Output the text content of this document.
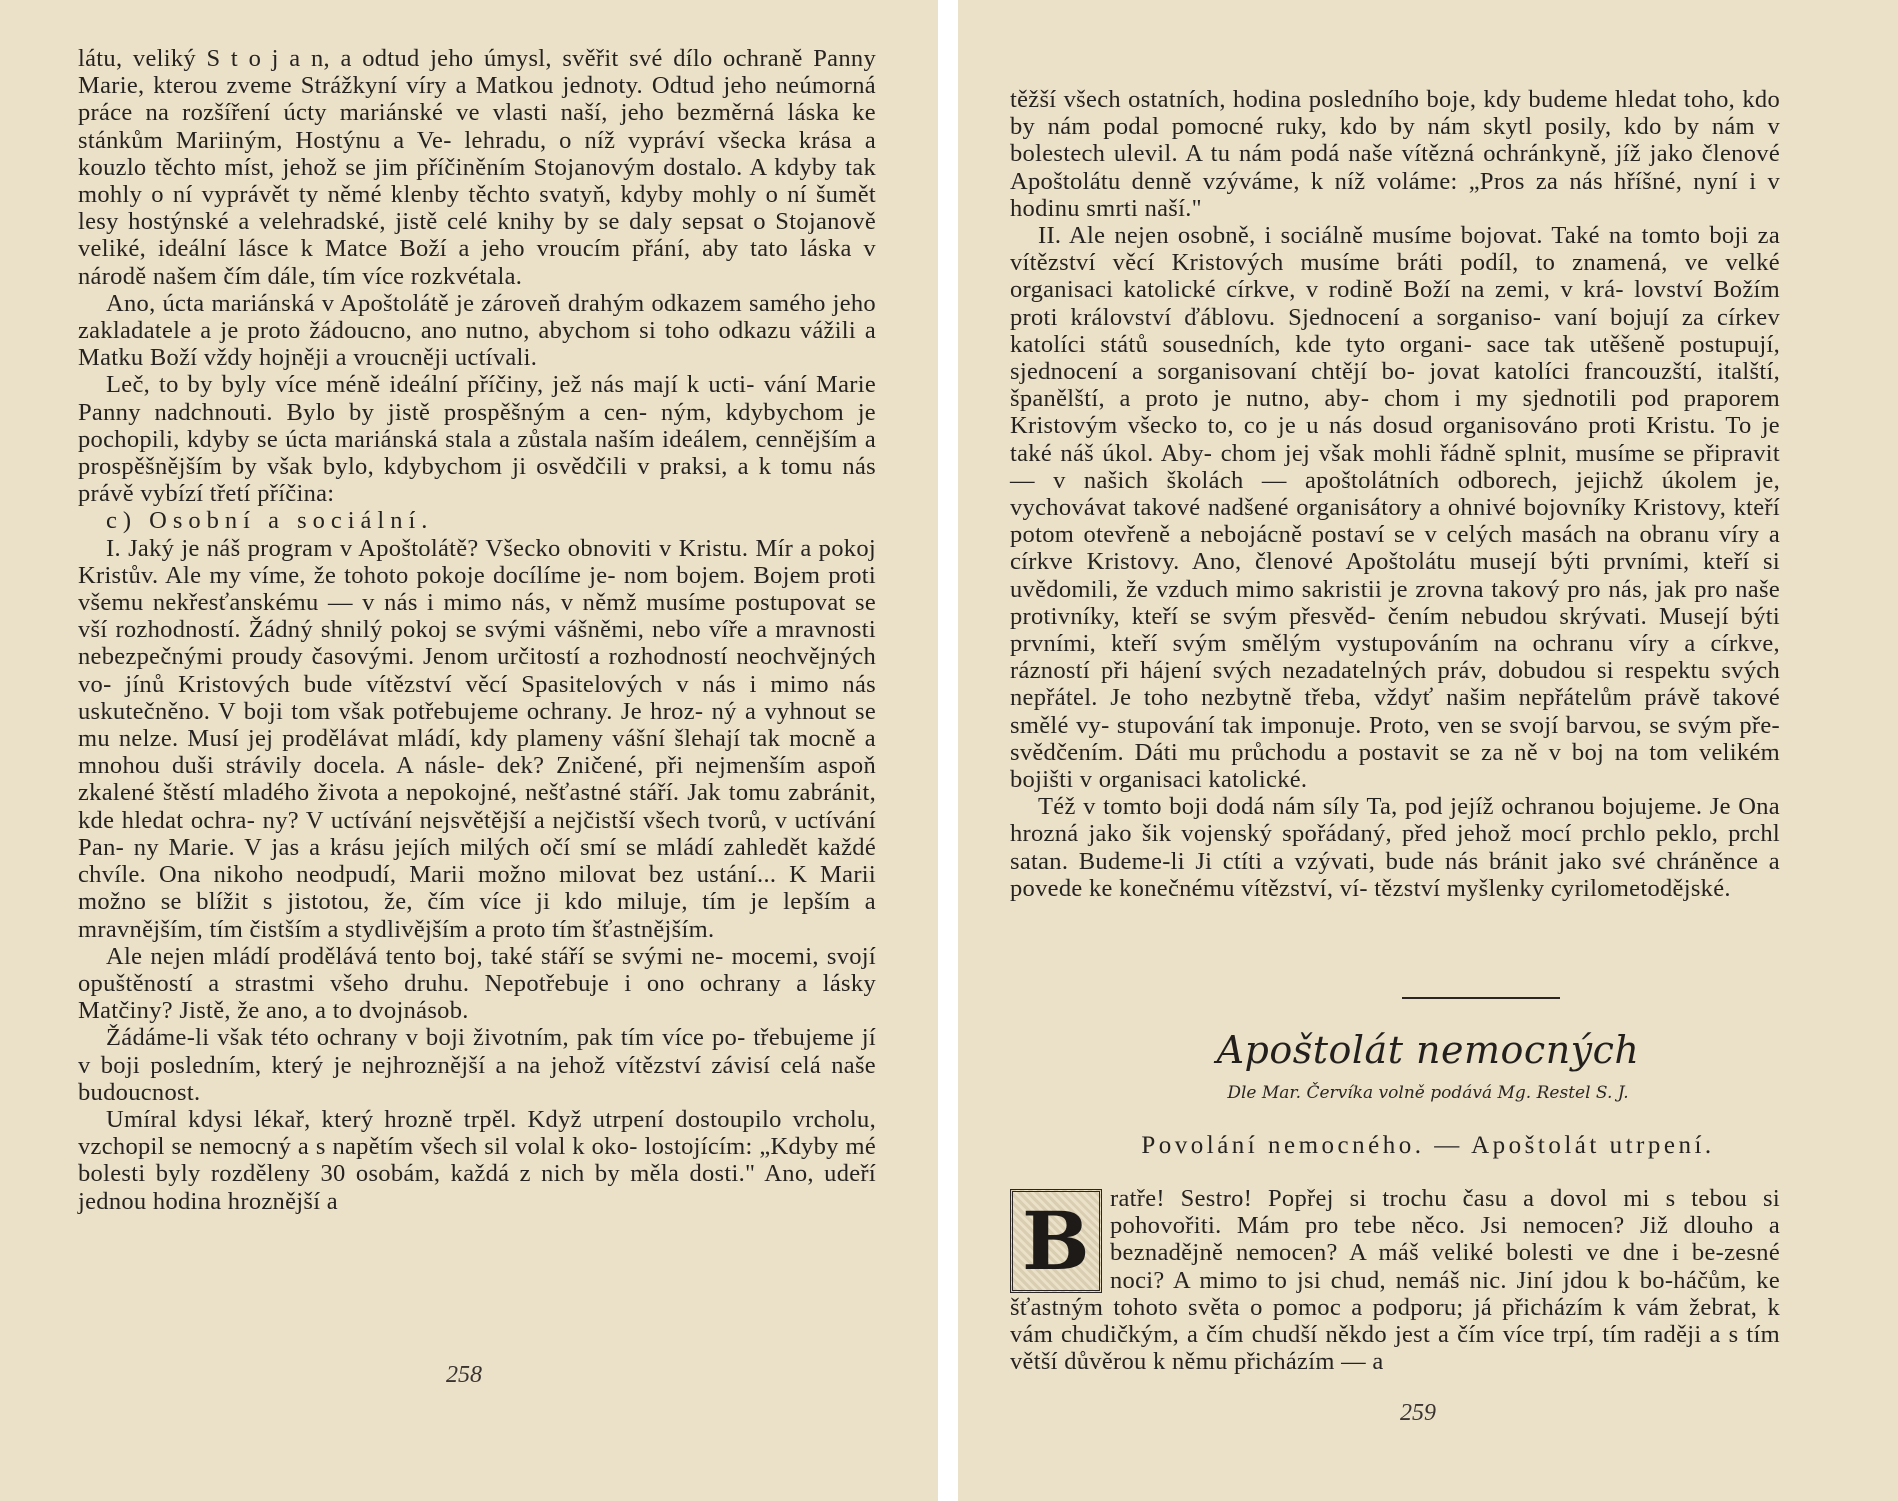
látu, veliký S t o j a n, a odtud jeho úmysl, svěřit své dílo ochraně Panny Marie, kterou zveme Strážkyní víry a Matkou jednoty. Odtud jeho neúmorná práce na rozšíření úcty mariánské ve vlasti naší, jeho bezměrná láska ke stánkům Mariiným, Hostýnu a Ve- lehradu, o níž vypráví všecka krása a kouzlo těchto míst, jehož se jim příčiněním Stojanovým dostalo. A kdyby tak mohly o ní vyprávět ty němé klenby těchto svatyň, kdyby mohly o ní šumět lesy hostýnské a velehradské, jistě celé knihy by se daly sepsat o Stojanově veliké, ideální lásce k Matce Boží a jeho vroucím přání, aby tato láska v národě našem čím dále, tím více rozkvétala.

Ano, úcta mariánská v Apoštolátě je zároveň drahým odkazem samého jeho zakladatele a je proto žádoucno, ano nutno, abychom si toho odkazu vážili a Matku Boží vždy hojněji a vroucněji uctívali.

Leč, to by byly více méně ideální příčiny, jež nás mají k ucti- vání Marie Panny nadchnouti. Bylo by jistě prospěšným a cen- ným, kdybychom je pochopili, kdyby se úcta mariánská stala a zůstala naším ideálem, cennějším a prospěšnějším by však bylo, kdybychom ji osvědčili v praksi, a k tomu nás právě vybízí třetí příčina:

c) Osobní a sociální.

I. Jaký je náš program v Apoštolátě? Všecko obnoviti v Kristu. Mír a pokoj Kristův. Ale my víme, že tohoto pokoje docílíme je- nom bojem. Bojem proti všemu nekřesťanskému — v nás i mimo nás, v němž musíme postupovat se vší rozhodností. Žádný shnilý pokoj se svými vášněmi, nebo víře a mravnosti nebezpečnými proudy časovými. Jenom určitostí a rozhodností neochvějných vo- jínů Kristových bude vítězství věcí Spasitelových v nás i mimo nás uskutečněno. V boji tom však potřebujeme ochrany. Je hroz- ný a vyhnout se mu nelze. Musí jej prodělávat mládí, kdy plameny vášní šlehají tak mocně a mnohou duši strávily docela. A násle- dek? Zničené, při nejmenším aspoň zkalené štěstí mladého života a nepokojné, nešťastné stáří. Jak tomu zabránit, kde hledat ochra- ny? V uctívání nejsvětější a nejčistší všech tvorů, v uctívání Pan- ny Marie. V jas a krásu jejích milých očí smí se mládí zahledět každé chvíle. Ona nikoho neodpudí, Marii možno milovat bez ustání... K Marii možno se blížit s jistotou, že, čím více ji kdo miluje, tím je lepším a mravnějším, tím čistším a stydlivějším a proto tím šťastnějším.

Ale nejen mládí prodělává tento boj, také stáří se svými ne- mocemi, svojí opuštěností a strastmi všeho druhu. Nepotřebuje i ono ochrany a lásky Matčiny? Jistě, že ano, a to dvojnásob.

Žádáme-li však této ochrany v boji životním, pak tím více po- třebujeme jí v boji posledním, který je nejhroznější a na jehož vítězství závisí celá naše budoucnost.

Umíral kdysi lékař, který hrozně trpěl. Když utrpení dostoupilo vrcholu, vzchopil se nemocný a s napětím všech sil volal k oko- lostojícím: „Kdyby mé bolesti byly rozděleny 30 osobám, každá z nich by měla dosti." Ano, udeří jednou hodina hroznější a

258

těžší všech ostatních, hodina posledního boje, kdy budeme hledat toho, kdo by nám podal pomocné ruky, kdo by nám skytl posily, kdo by nám v bolestech ulevil. A tu nám podá naše vítězná ochránkyně, jíž jako členové Apoštolátu denně vzýváme, k níž voláme: „Pros za nás hříšné, nyní i v hodinu smrti naší."

II. Ale nejen osobně, i sociálně musíme bojovat. Také na tomto boji za vítězství věcí Kristových musíme bráti podíl, to znamená, ve velké organisaci katolické církve, v rodině Boží na zemi, v krá- lovství Božím proti království ďáblovu. Sjednocení a sorganiso- vaní bojují za církev katolíci států sousedních, kde tyto organi- sace tak utěšeně postupují, sjednocení a sorganisovaní chtějí bo- jovat katolíci francouzští, italští, španělští, a proto je nutno, aby- chom i my sjednotili pod praporem Kristovým všecko to, co je u nás dosud organisováno proti Kristu. To je také náš úkol. Aby- chom jej však mohli řádně splnit, musíme se připravit — v našich školách — apoštolátních odborech, jejichž úkolem je, vychovávat takové nadšené organisátory a ohnivé bojovníky Kristovy, kteří potom otevřeně a nebojácně postaví se v celých masách na obranu víry a církve Kristovy. Ano, členové Apoštolátu musejí býti prvními, kteří si uvědomili, že vzduch mimo sakristii je zrovna takový pro nás, jak pro naše protivníky, kteří se svým přesvěd- čením nebudou skrývati. Musejí býti prvními, kteří svým smělým vystupováním na ochranu víry a církve, rázností při hájení svých nezadatelných práv, dobudou si respektu svých nepřátel. Je toho nezbytně třeba, vždyť našim nepřátelům právě takové smělé vy- stupování tak imponuje. Proto, ven se svojí barvou, se svým pře- svědčením. Dáti mu průchodu a postavit se za ně v boj na tom velikém bojišti v organisaci katolické.

Též v tomto boji dodá nám síly Ta, pod jejíž ochranou bojujeme. Je Ona hrozná jako šik vojenský spořádaný, před jehož mocí prchlo peklo, prchl satan. Budeme-li Ji ctíti a vzývati, bude nás bránit jako své chráněnce a povede ke konečnému vítězství, ví- tězství myšlenky cyrilometodějské.

Apoštolát nemocných
Dle Mar. Červíka volně podává Mg. Restel S. J.
Povolání nemocného. — Apoštolát utrpení.
B ratře! Sestro! Popřej si trochu času a dovol mi s tebou si pohovořiti. Mám pro tebe něco. Jsi nemocen? Již dlouho a beznadějně nemocen? A máš veliké bolesti ve dne i be-zesné noci? A mimo to jsi chud, nemáš nic. Jiní jdou k bo-háčům, ke šťastným tohoto světa o pomoc a podporu; já přicházím k vám žebrat, k vám chudičkým, a čím chudší někdo jest a čím více trpí, tím raději a s tím větší důvěrou k němu přicházím — a

259
